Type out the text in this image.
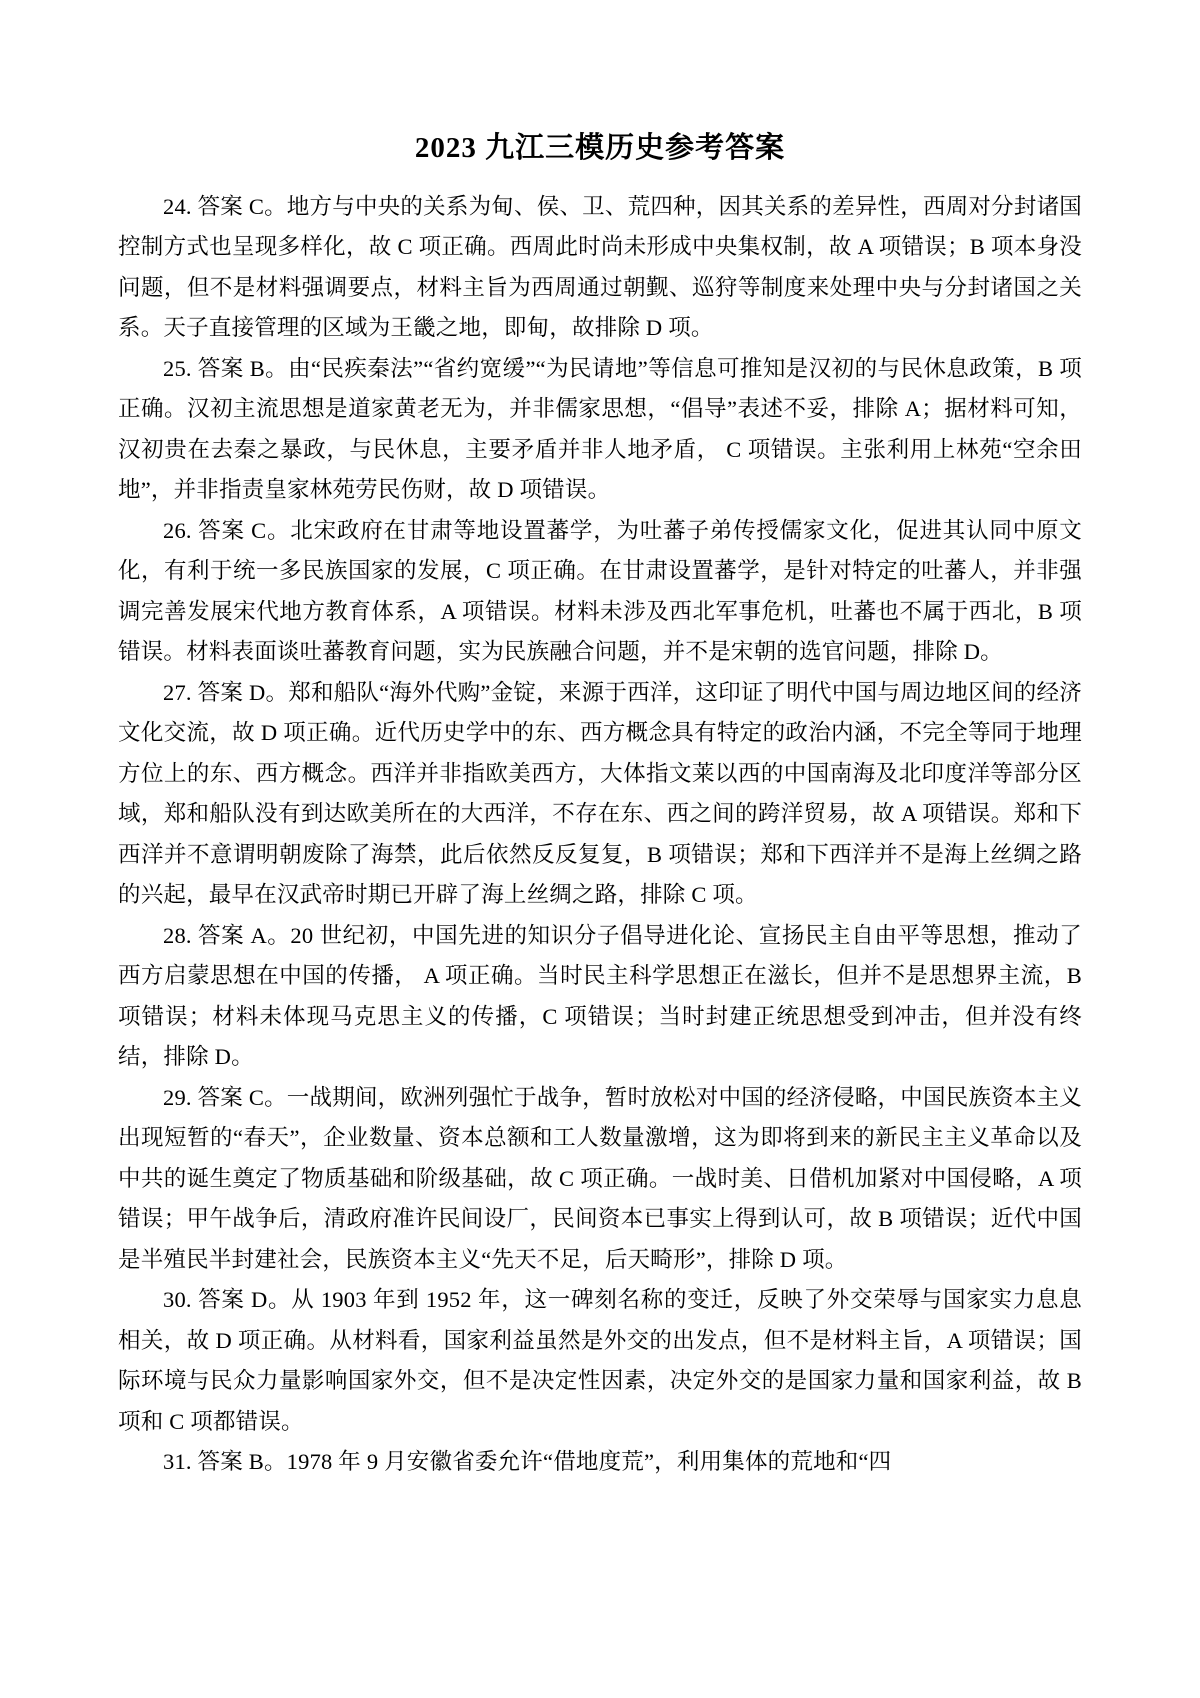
2023 九江三模历史参考答案

24. 答案 C。地方与中央的关系为甸、侯、卫、荒四种，因其关系的差异性，西周对分封诸国控制方式也呈现多样化，故 C 项正确。西周此时尚未形成中央集权制，故 A 项错误；B 项本身没问题，但不是材料强调要点，材料主旨为西周通过朝觐、巡狩等制度来处理中央与分封诸国之关系。天子直接管理的区域为王畿之地，即甸，故排除 D 项。

25. 答案 B。由“民疾秦法”“省约宽缓”“为民请地”等信息可推知是汉初的与民休息政策，B 项正确。汉初主流思想是道家黄老无为，并非儒家思想，“倡导”表述不妥，排除 A；据材料可知，汉初贵在去秦之暴政，与民休息，主要矛盾并非人地矛盾， C 项错误。主张利用上林苑“空余田地”，并非指责皇家林苑劳民伤财，故 D 项错误。

26. 答案 C。北宋政府在甘肃等地设置蕃学，为吐蕃子弟传授儒家文化，促进其认同中原文化，有利于统一多民族国家的发展，C 项正确。在甘肃设置蕃学，是针对特定的吐蕃人，并非强调完善发展宋代地方教育体系，A 项错误。材料未涉及西北军事危机，吐蕃也不属于西北，B 项错误。材料表面谈吐蕃教育问题，实为民族融合问题，并不是宋朝的选官问题，排除 D。

27. 答案 D。郑和船队“海外代购”金锭，来源于西洋，这印证了明代中国与周边地区间的经济文化交流，故 D 项正确。近代历史学中的东、西方概念具有特定的政治内涵，不完全等同于地理方位上的东、西方概念。西洋并非指欧美西方，大体指文莱以西的中国南海及北印度洋等部分区域，郑和船队没有到达欧美所在的大西洋，不存在东、西之间的跨洋贸易，故 A 项错误。郑和下西洋并不意谓明朝废除了海禁，此后依然反反复复，B 项错误；郑和下西洋并不是海上丝绸之路的兴起，最早在汉武帝时期已开辟了海上丝绸之路，排除 C 项。

28. 答案 A。20 世纪初，中国先进的知识分子倡导进化论、宣扬民主自由平等思想，推动了西方启蒙思想在中国的传播， A 项正确。当时民主科学思想正在滋长，但并不是思想界主流，B 项错误；材料未体现马克思主义的传播，C 项错误；当时封建正统思想受到冲击，但并没有终结，排除 D。

29. 答案 C。一战期间，欧洲列强忙于战争，暂时放松对中国的经济侵略，中国民族资本主义出现短暂的“春天”，企业数量、资本总额和工人数量激增，这为即将到来的新民主主义革命以及中共的诞生奠定了物质基础和阶级基础，故 C 项正确。一战时美、日借机加紧对中国侵略，A 项错误；甲午战争后，清政府准许民间设厂，民间资本已事实上得到认可，故 B 项错误；近代中国是半殖民半封建社会，民族资本主义“先天不足，后天畸形”，排除 D 项。

30. 答案 D。从 1903 年到 1952 年，这一碑刻名称的变迁，反映了外交荣辱与国家实力息息相关，故 D 项正确。从材料看，国家利益虽然是外交的出发点，但不是材料主旨，A 项错误；国际环境与民众力量影响国家外交，但不是决定性因素，决定外交的是国家力量和国家利益，故 B 项和 C 项都错误。

31. 答案 B。1978 年 9 月安徽省委允许“借地度荒”，利用集体的荒地和“四
